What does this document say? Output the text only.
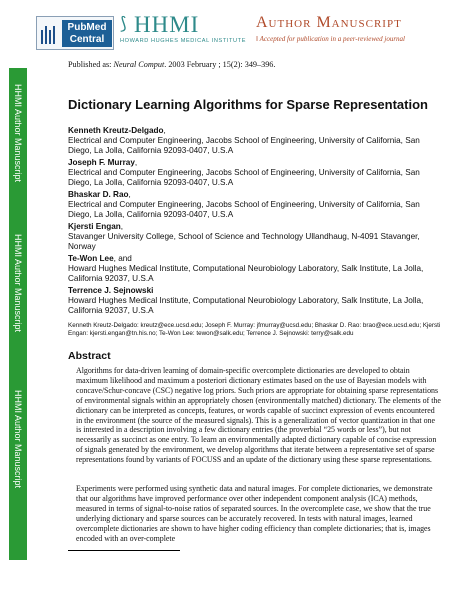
PubMed
Central
⟆ HHMI
HOWARD HUGHES MEDICAL INSTITUTE
Author Manuscript
‖ Accepted for publication in a peer-reviewed journal
HHMI Author Manuscript
HHMI Author Manuscript
HHMI Author Manuscript
Published as: Neural Comput. 2003 February ; 15(2): 349–396.
Dictionary Learning Algorithms for Sparse Representation
Kenneth Kreutz-Delgado,
Electrical and Computer Engineering, Jacobs School of Engineering, University of California, San Diego, La Jolla, California 92093-0407, U.S.A
Joseph F. Murray,
Electrical and Computer Engineering, Jacobs School of Engineering, University of California, San Diego, La Jolla, California 92093-0407, U.S.A
Bhaskar D. Rao,
Electrical and Computer Engineering, Jacobs School of Engineering, University of California, San Diego, La Jolla, California 92093-0407, U.S.A
Kjersti Engan,
Stavanger University College, School of Science and Technology Ullandhaug, N-4091 Stavanger, Norway
Te-Won Lee, and
Howard Hughes Medical Institute, Computational Neurobiology Laboratory, Salk Institute, La Jolla, California 92037, U.S.A
Terrence J. Sejnowski
Howard Hughes Medical Institute, Computational Neurobiology Laboratory, Salk Institute, La Jolla, California 92037, U.S.A
Kenneth Kreutz-Delgado: kreutz@ece.ucsd.edu; Joseph F. Murray: jfmurray@ucsd.edu; Bhaskar D. Rao: brao@ece.ucsd.edu; Kjersti Engan: kjersti.engan@tn.his.no; Te-Won Lee: tewon@salk.edu; Terrence J. Sejnowski: terry@salk.edu
Abstract
Algorithms for data-driven learning of domain-specific overcomplete dictionaries are developed to obtain maximum likelihood and maximum a posteriori dictionary estimates based on the use of Bayesian models with concave/Schur-concave (CSC) negative log priors. Such priors are appropriate for obtaining sparse representations of environmental signals within an appropriately chosen (environmentally matched) dictionary. The elements of the dictionary can be interpreted as concepts, features, or words capable of succinct expression of events encountered in the environment (the source of the measured signals). This is a generalization of vector quantization in that one is interested in a description involving a few dictionary entries (the proverbial “25 words or less”), but not necessarily as succinct as one entry. To learn an environmentally adapted dictionary capable of concise expression of signals generated by the environment, we develop algorithms that iterate between a representative set of sparse representations found by variants of FOCUSS and an update of the dictionary using these sparse representations.
Experiments were performed using synthetic data and natural images. For complete dictionaries, we demonstrate that our algorithms have improved performance over other independent component analysis (ICA) methods, measured in terms of signal-to-noise ratios of separated sources. In the overcomplete case, we show that the true underlying dictionary and sparse sources can be accurately recovered. In tests with natural images, learned overcomplete dictionaries are shown to have higher coding efficiency than complete dictionaries; that is, images encoded with an over-complete
